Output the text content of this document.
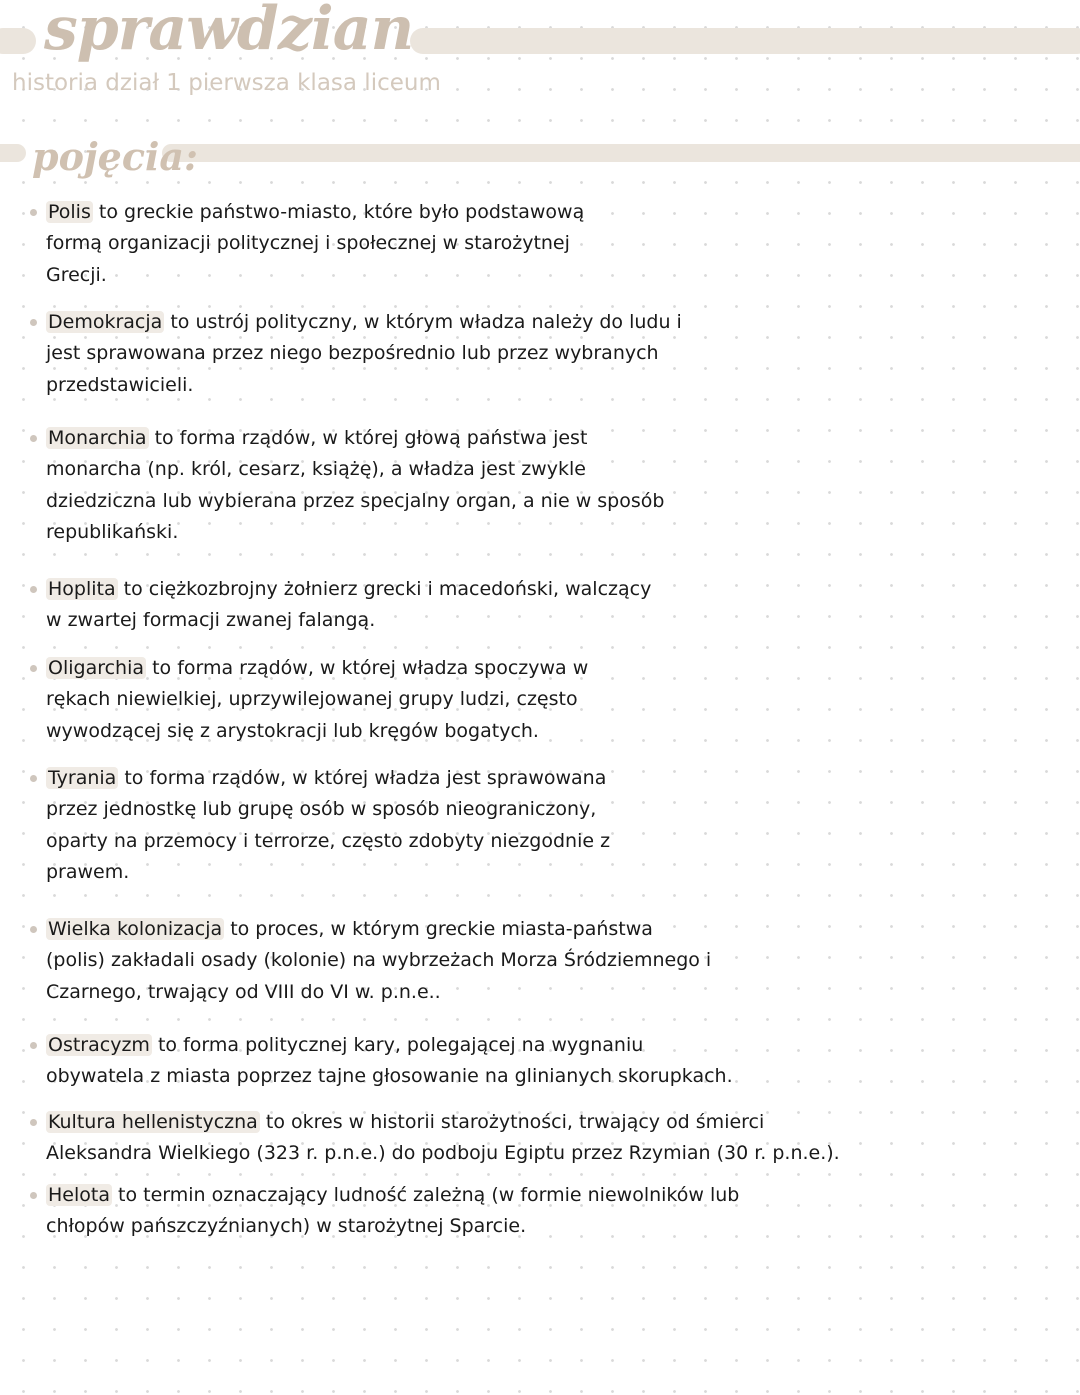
sprawdzian
historia dział 1 pierwsza klasa liceum
pojęcia:
Polis to greckie państwo-miasto, które było podstawową
formą organizacji politycznej i społecznej w starożytnej
Grecji.
Demokracja to ustrój polityczny, w którym władza należy do ludu i
jest sprawowana przez niego bezpośrednio lub przez wybranych
przedstawicieli.
Monarchia to forma rządów, w której głową państwa jest
monarcha (np. król, cesarz, książę), a władza jest zwykle
dziedziczna lub wybierana przez specjalny organ, a nie w sposób
republikański.
Hoplita to ciężkozbrojny żołnierz grecki i macedoński, walczący
w zwartej formacji zwanej falangą.
Oligarchia to forma rządów, w której władza spoczywa w
rękach niewielkiej, uprzywilejowanej grupy ludzi, często
wywodzącej się z arystokracji lub kręgów bogatych.
Tyrania to forma rządów, w której władza jest sprawowana
przez jednostkę lub grupę osób w sposób nieograniczony,
oparty na przemocy i terrorze, często zdobyty niezgodnie z
prawem.
Wielka kolonizacja to proces, w którym greckie miasta-państwa
(polis) zakładali osady (kolonie) na wybrzeżach Morza Śródziemnego i
Czarnego, trwający od VIII do VI w. p.n.e..
Ostracyzm to forma politycznej kary, polegającej na wygnaniu
obywatela z miasta poprzez tajne głosowanie na glinianych skorupkach.
Kultura hellenistyczna to okres w historii starożytności, trwający od śmierci
Aleksandra Wielkiego (323 r. p.n.e.) do podboju Egiptu przez Rzymian (30 r. p.n.e.).
Helota to termin oznaczający ludność zależną (w formie niewolników lub
chłopów pańszczyźnianych) w starożytnej Sparcie.
